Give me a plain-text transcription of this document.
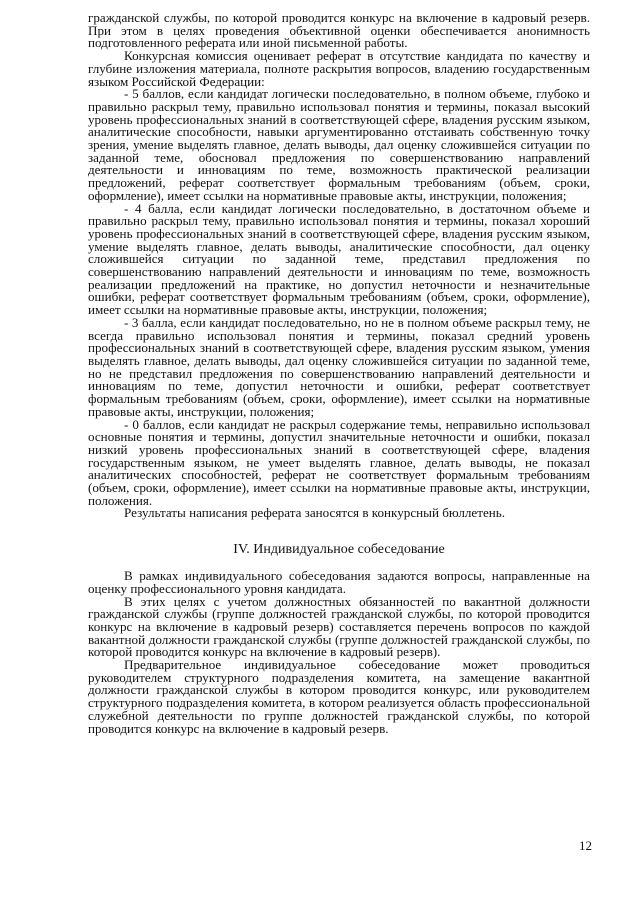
гражданской службы, по которой проводится конкурс на включение в кадровый резерв. При этом в целях проведения объективной оценки обеспечивается анонимность подготовленного реферата или иной письменной работы.

Конкурсная комиссия оценивает реферат в отсутствие кандидата по качеству и глубине изложения материала, полноте раскрытия вопросов, владению государственным языком Российской Федерации:

- 5 баллов, если кандидат логически последовательно, в полном объеме, глубоко и правильно раскрыл тему, правильно использовал понятия и термины, показал высокий уровень профессиональных знаний в соответствующей сфере, владения русским языком, аналитические способности, навыки аргументированно отстаивать собственную точку зрения, умение выделять главное, делать выводы, дал оценку сложившейся ситуации по заданной теме, обосновал предложения по совершенствованию направлений деятельности и инновациям по теме, возможность практической реализации предложений, реферат соответствует формальным требованиям (объем, сроки, оформление), имеет ссылки на нормативные правовые акты, инструкции, положения;

- 4 балла, если кандидат логически последовательно, в достаточном объеме и правильно раскрыл тему, правильно использовал понятия и термины, показал хороший уровень профессиональных знаний в соответствующей сфере, владения русским языком, умение выделять главное, делать выводы, аналитические способности, дал оценку сложившейся ситуации по заданной теме, представил предложения по совершенствованию направлений деятельности и инновациям по теме, возможность реализации предложений на практике, но допустил неточности и незначительные ошибки, реферат соответствует формальным требованиям (объем, сроки, оформление), имеет ссылки на нормативные правовые акты, инструкции, положения;

- 3 балла, если кандидат последовательно, но не в полном объеме раскрыл тему, не всегда правильно использовал понятия и термины, показал средний уровень профессиональных знаний в соответствующей сфере, владения русским языком, умения выделять главное, делать выводы, дал оценку сложившейся ситуации по заданной теме, но не представил предложения по совершенствованию направлений деятельности и инновациям по теме, допустил неточности и ошибки, реферат соответствует формальным требованиям (объем, сроки, оформление), имеет ссылки на нормативные правовые акты, инструкции, положения;

- 0 баллов, если кандидат не раскрыл содержание темы, неправильно использовал основные понятия и термины, допустил значительные неточности и ошибки, показал низкий уровень профессиональных знаний в соответствующей сфере, владения государственным языком, не умеет выделять главное, делать выводы, не показал аналитических способностей, реферат не соответствует формальным требованиям (объем, сроки, оформление), имеет ссылки на нормативные правовые акты, инструкции, положения.

Результаты написания реферата заносятся в конкурсный бюллетень.

IV. Индивидуальное собеседование

В рамках индивидуального собеседования задаются вопросы, направленные на оценку профессионального уровня кандидата.

В этих целях с учетом должностных обязанностей по вакантной должности гражданской службы (группе должностей гражданской службы, по которой проводится конкурс на включение в кадровый резерв) составляется перечень вопросов по каждой вакантной должности гражданской службы (группе должностей гражданской службы, по которой проводится конкурс на включение в кадровый резерв).

Предварительное индивидуальное собеседование может проводиться руководителем структурного подразделения комитета, на замещение вакантной должности гражданской службы в котором проводится конкурс, или руководителем структурного подразделения комитета, в котором реализуется область профессиональной служебной деятельности по группе должностей гражданской службы, по которой проводится конкурс на включение в кадровый резерв.

12
